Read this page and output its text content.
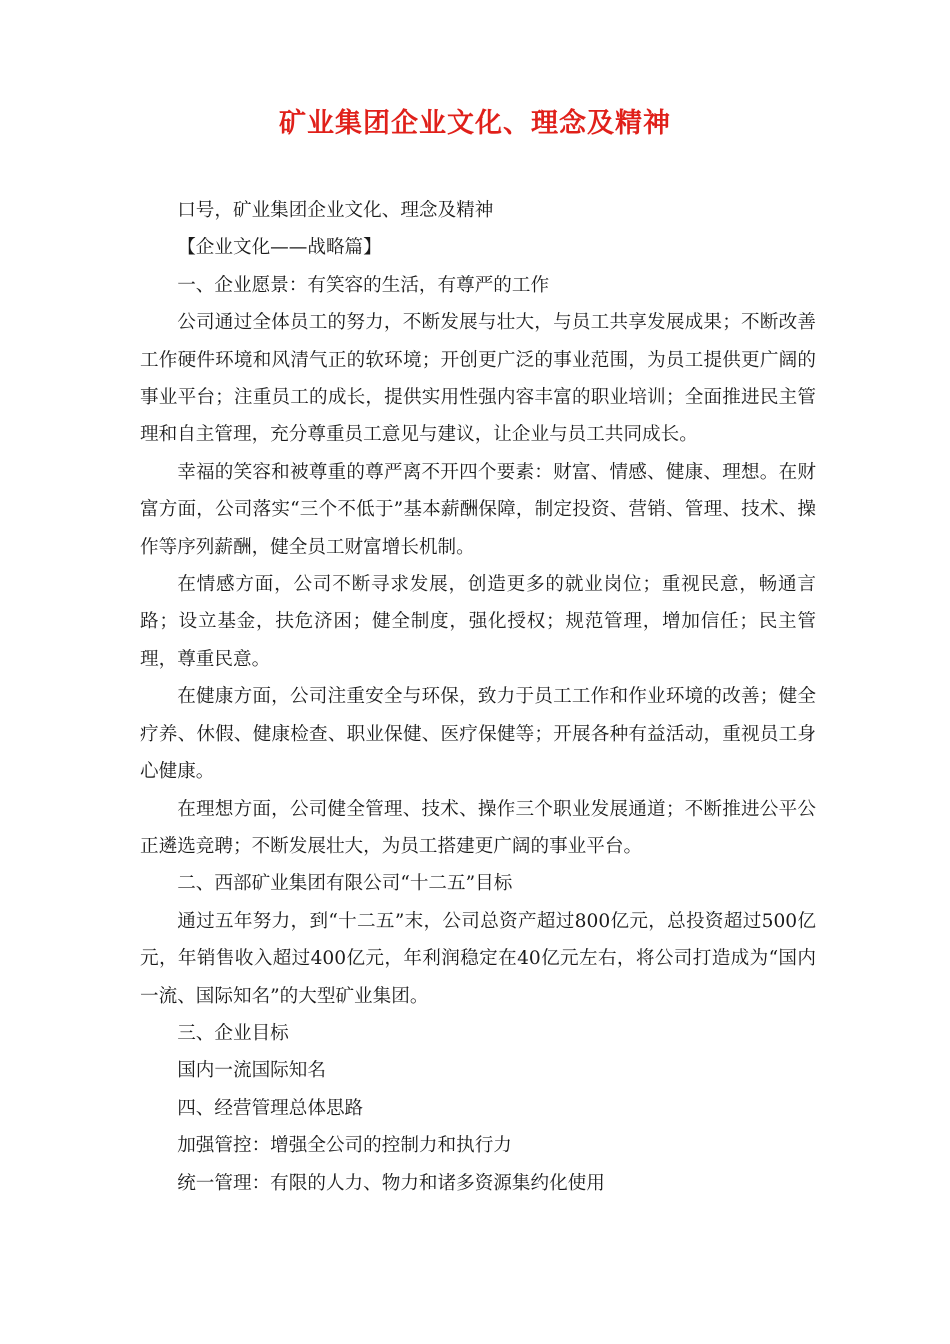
矿业集团企业文化、理念及精神

口号，矿业集团企业文化、理念及精神

【企业文化——战略篇】

一、企业愿景：有笑容的生活，有尊严的工作

公司通过全体员工的努力，不断发展与壮大，与员工共享发展成果；不断改善工作硬件环境和风清气正的软环境；开创更广泛的事业范围，为员工提供更广阔的事业平台；注重员工的成长，提供实用性强内容丰富的职业培训；全面推进民主管理和自主管理，充分尊重员工意见与建议，让企业与员工共同成长。

幸福的笑容和被尊重的尊严离不开四个要素：财富、情感、健康、理想。在财富方面，公司落实“三个不低于”基本薪酬保障，制定投资、营销、管理、技术、操作等序列薪酬，健全员工财富增长机制。

在情感方面，公司不断寻求发展，创造更多的就业岗位；重视民意，畅通言路；设立基金，扶危济困；健全制度，强化授权；规范管理，增加信任；民主管理，尊重民意。

在健康方面，公司注重安全与环保，致力于员工工作和作业环境的改善；健全疗养、休假、健康检查、职业保健、医疗保健等；开展各种有益活动，重视员工身心健康。

在理想方面，公司健全管理、技术、操作三个职业发展通道；不断推进公平公正遴选竞聘；不断发展壮大，为员工搭建更广阔的事业平台。

二、西部矿业集团有限公司“十二五”目标

通过五年努力，到“十二五”末，公司总资产超过800亿元，总投资超过500亿元，年销售收入超过400亿元，年利润稳定在40亿元左右，将公司打造成为“国内一流、国际知名”的大型矿业集团。

三、企业目标

国内一流国际知名

四、经营管理总体思路

加强管控：增强全公司的控制力和执行力

统一管理：有限的人力、物力和诸多资源集约化使用
